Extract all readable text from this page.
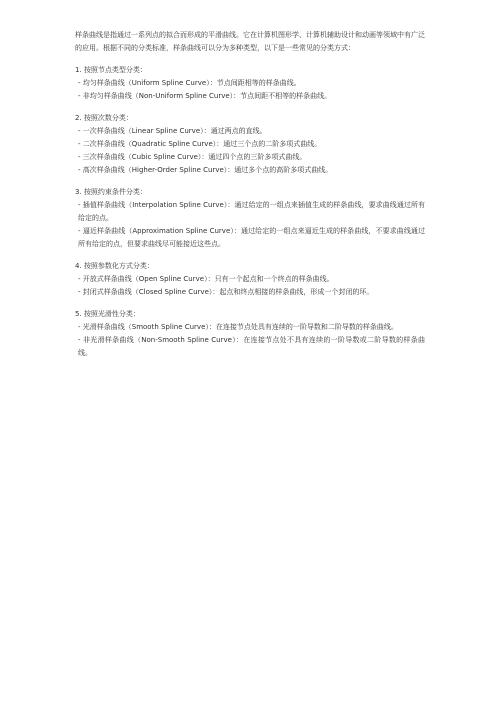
样条曲线是指通过一系列点的拟合而形成的平滑曲线。它在计算机图形学、计算机辅助设计和动画等领域中有广泛的应用。根据不同的分类标准，样条曲线可以分为多种类型，以下是一些常见的分类方式：

1. 按照节点类型分类：
- 均匀样条曲线（Uniform Spline Curve）：节点间距相等的样条曲线。
- 非均匀样条曲线（Non-Uniform Spline Curve）：节点间距不相等的样条曲线。
2. 按照次数分类：
- 一次样条曲线（Linear Spline Curve）：通过两点的直线。
- 二次样条曲线（Quadratic Spline Curve）：通过三个点的二阶多项式曲线。
- 三次样条曲线（Cubic Spline Curve）：通过四个点的三阶多项式曲线。
- 高次样条曲线（Higher-Order Spline Curve）：通过多个点的高阶多项式曲线。
3. 按照约束条件分类：
- 插值样条曲线（Interpolation Spline Curve）：通过给定的一组点来插值生成的样条曲线，要求曲线通过所有给定的点。
- 逼近样条曲线（Approximation Spline Curve）：通过给定的一组点来逼近生成的样条曲线，不要求曲线通过所有给定的点，但要求曲线尽可能接近这些点。
4. 按照参数化方式分类：
- 开放式样条曲线（Open Spline Curve）：只有一个起点和一个终点的样条曲线。
- 封闭式样条曲线（Closed Spline Curve）：起点和终点相接的样条曲线，形成一个封闭的环。
5. 按照光滑性分类：
- 光滑样条曲线（Smooth Spline Curve）：在连接节点处具有连续的一阶导数和二阶导数的样条曲线。
- 非光滑样条曲线（Non-Smooth Spline Curve）：在连接节点处不具有连续的一阶导数或二阶导数的样条曲线。
